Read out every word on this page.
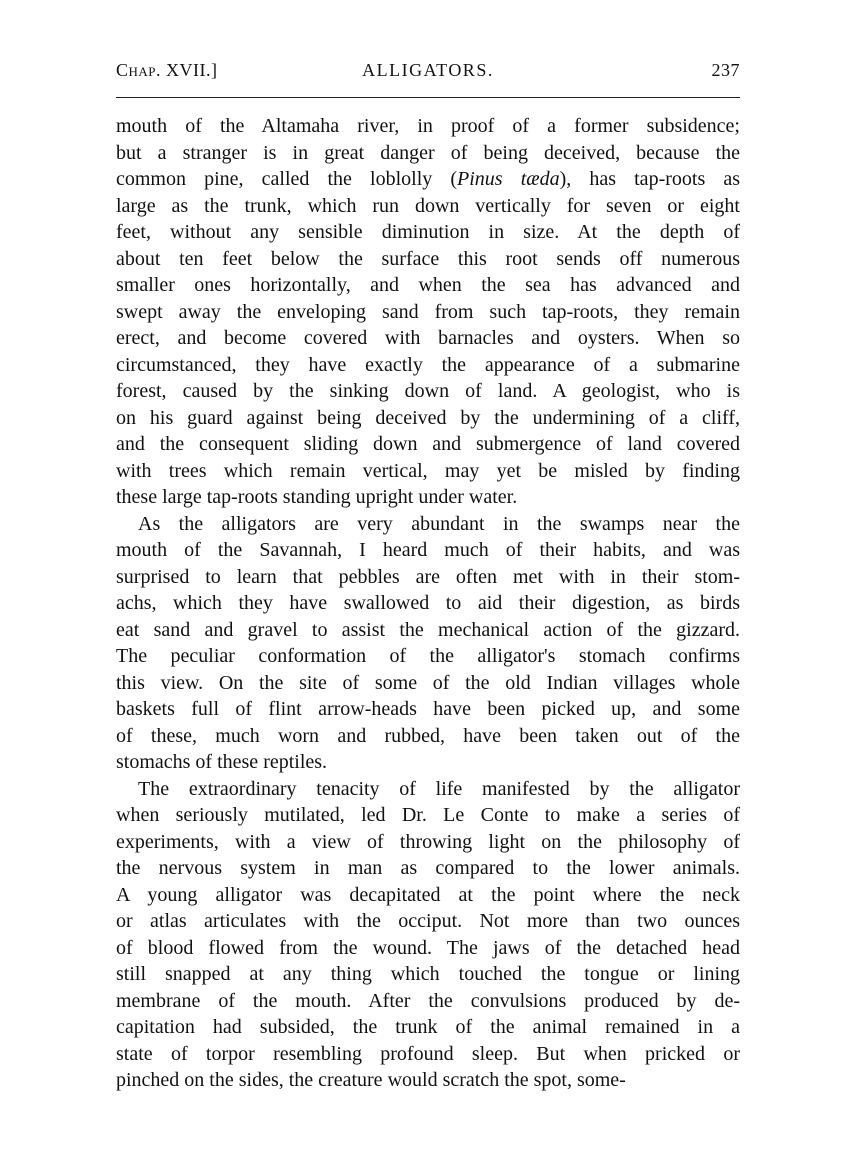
Chap. XVII.]	ALLIGATORS.	237
mouth of the Altamaha river, in proof of a former subsidence;
but a stranger is in great danger of being deceived, because the
common pine, called the loblolly (Pinus tæda), has tap-roots as
large as the trunk, which run down vertically for seven or eight
feet, without any sensible diminution in size. At the depth of
about ten feet below the surface this root sends off numerous
smaller ones horizontally, and when the sea has advanced and
swept away the enveloping sand from such tap-roots, they remain
erect, and become covered with barnacles and oysters. When so
circumstanced, they have exactly the appearance of a submarine
forest, caused by the sinking down of land. A geologist, who is
on his guard against being deceived by the undermining of a cliff,
and the consequent sliding down and submergence of land covered
with trees which remain vertical, may yet be misled by finding
these large tap-roots standing upright under water.
As the alligators are very abundant in the swamps near the
mouth of the Savannah, I heard much of their habits, and was
surprised to learn that pebbles are often met with in their stom-
achs, which they have swallowed to aid their digestion, as birds
eat sand and gravel to assist the mechanical action of the gizzard.
The peculiar conformation of the alligator's stomach confirms
this view. On the site of some of the old Indian villages whole
baskets full of flint arrow-heads have been picked up, and some
of these, much worn and rubbed, have been taken out of the
stomachs of these reptiles.
The extraordinary tenacity of life manifested by the alligator
when seriously mutilated, led Dr. Le Conte to make a series of
experiments, with a view of throwing light on the philosophy of
the nervous system in man as compared to the lower animals.
A young alligator was decapitated at the point where the neck
or atlas articulates with the occiput. Not more than two ounces
of blood flowed from the wound. The jaws of the detached head
still snapped at any thing which touched the tongue or lining
membrane of the mouth. After the convulsions produced by de-
capitation had subsided, the trunk of the animal remained in a
state of torpor resembling profound sleep. But when pricked or
pinched on the sides, the creature would scratch the spot, some-
